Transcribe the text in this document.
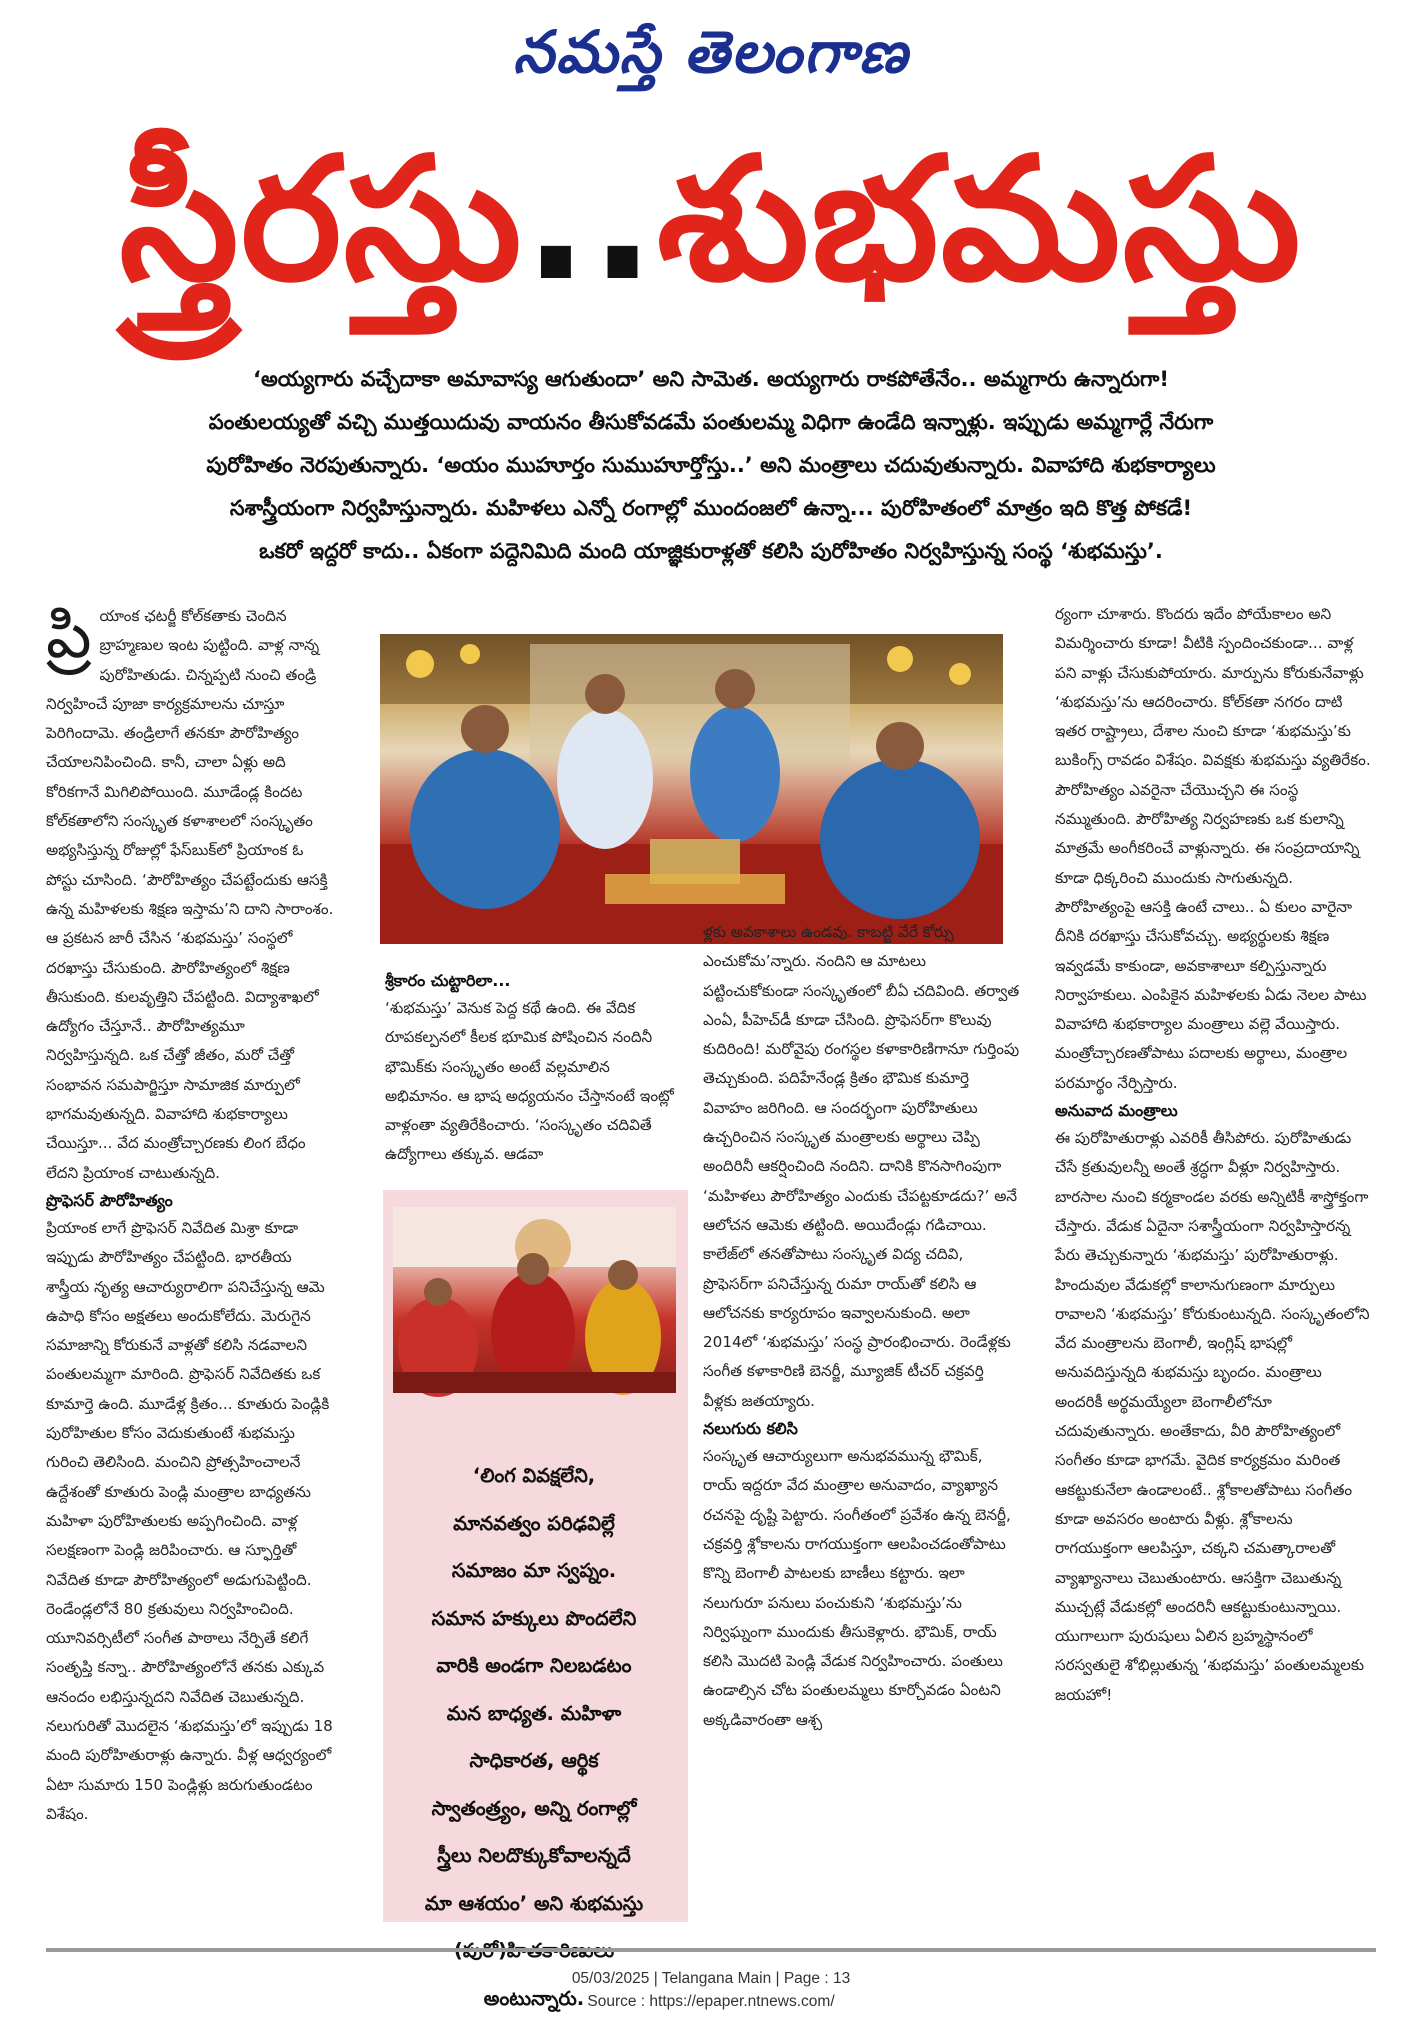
నమస్తే తెలంగాణ
స్త్రీరస్తు..శుభమస్తు

‘అయ్యగారు వచ్చేదాకా అమావాస్య ఆగుతుందా’ అని సామెత. అయ్యగారు రాకపోతేనేం.. అమ్మగారు ఉన్నారుగా!

పంతులయ్యతో వచ్చి ముత్తయిదువు వాయనం తీసుకోవడమే పంతులమ్మ విధిగా ఉండేది ఇన్నాళ్లు. ఇప్పుడు అమ్మగార్లే నేరుగా

పురోహితం నెరపుతున్నారు. ‘అయం ముహూర్తం సుముహూర్తోస్తు..’ అని మంత్రాలు చదువుతున్నారు. వివాహాది శుభకార్యాలు

సశాస్త్రీయంగా నిర్వహిస్తున్నారు. మహిళలు ఎన్నో రంగాల్లో ముందంజలో ఉన్నా... పురోహితంలో మాత్రం ఇది కొత్త పోకడే!

ఒకరో ఇద్దరో కాదు.. ఏకంగా పద్దెనిమిది మంది యాజ్ఞికురాళ్లతో కలిసి పురోహితం నిర్వహిస్తున్న సంస్థ ‘శుభమస్తు’.

ప్రి యాంక ఛటర్జీ కోల్‌కతాకు చెందిన బ్రాహ్మణుల ఇంట పుట్టింది. వాళ్ల నాన్న పురోహితుడు. చిన్నప్పటి నుంచి తండ్రి నిర్వహించే పూజా కార్యక్రమాలను చూస్తూ పెరిగిందామె. తండ్రిలాగే తనకూ పౌరోహిత్యం చేయాలనిపించింది. కానీ, చాలా ఏళ్లు అది కోరికగానే మిగిలిపోయింది. మూడేండ్ల కిందట కోల్‌కతాలోని సంస్కృత కళాశాలలో సంస్కృతం అభ్యసిస్తున్న రోజుల్లో ఫేస్‌బుక్‌లో ప్రియాంక ఓ పోస్టు చూసింది. ‘పౌరోహిత్యం చేపట్టేందుకు ఆసక్తి ఉన్న మహిళలకు శిక్షణ ఇస్తామ’ని దాని సారాంశం. ఆ ప్రకటన జారీ చేసిన ‘శుభమస్తు’ సంస్థలో దరఖాస్తు చేసుకుంది. పౌరోహిత్యంలో శిక్షణ తీసుకుంది. కులవృత్తిని చేపట్టింది. విద్యాశాఖలో ఉద్యోగం చేస్తూనే.. పౌరోహిత్యమూ నిర్వహిస్తున్నది. ఒక చేత్తో జీతం, మరో చేత్తో సంభావన సమపార్జిస్తూ సామాజిక మార్పులో భాగమవుతున్నది. వివాహాది శుభకార్యాలు చేయిస్తూ... వేద మంత్రోచ్చారణకు లింగ బేధం లేదని ప్రియాంక చాటుతున్నది.

ప్రొఫెసర్ పౌరోహిత్యం

ప్రియాంక లాగే ప్రొఫెసర్ నివేదిత మిశ్రా కూడా ఇప్పుడు పౌరోహిత్యం చేపట్టింది. భారతీయ శాస్త్రీయ నృత్య ఆచార్యురాలిగా పనిచేస్తున్న ఆమె ఉపాధి కోసం అక్షతలు అందుకోలేదు. మెరుగైన సమాజాన్ని కోరుకునే వాళ్లతో కలిసి నడవాలని పంతులమ్మగా మారింది. ప్రొఫెసర్ నివేదితకు ఒక కూమార్తె ఉంది. మూడేళ్ల క్రితం... కూతురు పెండ్లికి పురోహితుల కోసం వెదుకుతుంటే శుభమస్తు గురించి తెలిసింది. మంచిని ప్రోత్సహించాలనే ఉద్దేశంతో కూతురు పెండ్లి మంత్రాల బాధ్యతను మహిళా పురోహితులకు అప్పగించింది. వాళ్ల సలక్షణంగా పెండ్లి జరిపించారు. ఆ స్ఫూర్తితో నివేదిత కూడా పౌరోహిత్యంలో అడుగుపెట్టింది. రెండేండ్లలోనే 80 క్రతువులు నిర్వహించింది. యూనివర్సిటీలో సంగీత పాఠాలు నేర్పితే కలిగే సంతృప్తి కన్నా.. పౌరోహిత్యంలోనే తనకు ఎక్కువ ఆనందం లభిస్తున్నదని నివేదిత చెబుతున్నది. నలుగురితో మొదలైన ‘శుభమస్తు’లో ఇప్పుడు 18 మంది పురోహితురాళ్లు ఉన్నారు. వీళ్ల ఆధ్వర్యంలో ఏటా సుమారు 150 పెండ్లిళ్లు జరుగుతుండటం విశేషం.

శ్రీకారం చుట్టారిలా...

‘శుభమస్తు’ వెనుక పెద్ద కథే ఉంది. ఈ వేదిక రూపకల్పనలో కీలక భూమిక పోషించిన నందినీ భౌమిక్‌కు సంస్కృతం అంటే వల్లమాలిన అభిమానం. ఆ భాష అధ్యయనం చేస్తానంటే ఇంట్లో వాళ్లంతా వ్యతిరేకించారు. ‘సంస్కృతం చదివితే ఉద్యోగాలు తక్కువ. ఆడవా

‘లింగ వివక్షలేని,

మానవత్వం పరిఢవిల్లే

సమాజం మా స్వప్నం.

సమాన హక్కులు పొందలేని

వారికి అండగా నిలబడటం

మన బాధ్యత. మహిళా

సాధికారత, ఆర్థిక

స్వాతంత్ర్యం, అన్ని రంగాల్లో

స్త్రీలు నిలదొక్కుకోవాలన్నదే

మా ఆశయం’ అని శుభమస్తు

అంటున్నారు.

ళ్లకు అవకాశాలు ఉండవు. కాబట్టి వేరే కోర్సు ఎంచుకోమ’న్నారు. నందిని ఆ మాటలు పట్టించుకోకుండా సంస్కృతంలో బీఏ చదివింది. తర్వాత ఎంఏ, పీహెచ్‌డీ కూడా చేసింది. ప్రొఫెసర్‌గా కొలువు కుదిరింది! మరోవైపు రంగస్థల కళాకారిణిగానూ గుర్తింపు తెచ్చుకుంది. పదిహేనేండ్ల క్రితం భౌమిక కుమార్తె వివాహం జరిగింది. ఆ సందర్భంగా పురోహితులు ఉచ్చరించిన సంస్కృత మంత్రాలకు అర్థాలు చెప్పి అందిరినీ ఆకర్షించింది నందిని. దానికి కొనసాగింపుగా ‘మహిళలు పౌరోహిత్యం ఎందుకు చేపట్టకూడదు?’ అనే ఆలోచన ఆమెకు తట్టింది. అయిదేండ్లు గడిచాయి. కాలేజ్‌లో తనతోపాటు సంస్కృత విద్య చదివి, ప్రొఫెసర్‌గా పనిచేస్తున్న రుమా రాయ్‌తో కలిసి ఆ ఆలోచనకు కార్యరూపం ఇవ్వాలనుకుంది. అలా 2014లో ‘శుభమస్తు’ సంస్థ ప్రారంభించారు. రెండేళ్లకు సంగీత కళాకారిణి బెనర్జీ, మ్యూజిక్ టీచర్ చక్రవర్తి వీళ్లకు జతయ్యారు.

నలుగురు కలిసి

సంస్కృత ఆచార్యులుగా అనుభవమున్న భౌమిక్, రాయ్ ఇద్దరూ వేద మంత్రాల అనువాదం, వ్యాఖ్యాన రచనపై దృష్టి పెట్టారు. సంగీతంలో ప్రవేశం ఉన్న బెనర్జీ, చక్రవర్తి శ్లోకాలను రాగయుక్తంగా ఆలపించడంతోపాటు కొన్ని బెంగాలీ పాటలకు బాణీలు కట్టారు. ఇలా నలుగురూ పనులు పంచుకుని ‘శుభమస్తు’ను నిర్విఘ్నంగా ముందుకు తీసుకెళ్లారు. భౌమిక్, రాయ్ కలిసి మొదటి పెండ్లి వేడుక నిర్వహించారు. పంతులు ఉండాల్సిన చోట పంతులమ్మలు కూర్చోవడం ఏంటని అక్కడివారంతా ఆశ్చ

ర్యంగా చూశారు. కొందరు ఇదేం పోయేకాలం అని విమర్శించారు కూడా! వీటికి స్పందించకుండా... వాళ్ల పని వాళ్లు చేసుకుపోయారు. మార్పును కోరుకునేవాళ్లు ‘శుభమస్తు’ను ఆదరించారు. కోల్‌కతా నగరం దాటి ఇతర రాష్ట్రాలు, దేశాల నుంచి కూడా ‘శుభమస్తు’కు బుకింగ్స్ రావడం విశేషం. వివక్షకు శుభమస్తు వ్యతిరేకం. పౌరోహిత్యం ఎవరైనా చేయొచ్చని ఈ సంస్థ నమ్ముతుంది. పౌరోహిత్య నిర్వహణకు ఒక కులాన్ని మాత్రమే అంగీకరించే వాళ్లున్నారు. ఈ సంప్రదాయాన్ని కూడా ధిక్కరించి ముందుకు సాగుతున్నది. పౌరోహిత్యంపై ఆసక్తి ఉంటే చాలు.. ఏ కులం వారైనా దీనికి దరఖాస్తు చేసుకోవచ్చు. అభ్యర్థులకు శిక్షణ ఇవ్వడమే కాకుండా, అవకాశాలూ కల్పిస్తున్నారు నిర్వాహకులు. ఎంపికైన మహిళలకు ఏడు నెలల పాటు వివాహాది శుభకార్యాల మంత్రాలు వల్లె వేయిస్తారు. మంత్రోచ్చారణతోపాటు పదాలకు అర్థాలు, మంత్రాల పరమార్థం నేర్పిస్తారు.

అనువాద మంత్రాలు

ఈ పురోహితురాళ్లు ఎవరికీ తీసిపోరు. పురోహితుడు చేసే క్రతువులన్నీ అంతే శ్రద్ధగా వీళ్లూ నిర్వహిస్తారు. బారసాల నుంచి కర్మకాండల వరకు అన్నిటికీ శాస్త్రోక్తంగా చేస్తారు. వేడుక ఏదైనా సశాస్త్రీయంగా నిర్వహిస్తారన్న పేరు తెచ్చుకున్నారు ‘శుభమస్తు’ పురోహితురాళ్లు. హిందువుల వేడుకల్లో కాలానుగుణంగా మార్పులు రావాలని ‘శుభమస్తు’ కోరుకుంటున్నది. సంస్కృతంలోని వేద మంత్రాలను బెంగాలీ, ఇంగ్లిష్ భాషల్లో అనువదిస్తున్నది శుభమస్తు బృందం. మంత్రాలు అందరికీ అర్థమయ్యేలా బెంగాలీలోనూ చదువుతున్నారు. అంతేకాదు, వీరి పౌరోహిత్యంలో సంగీతం కూడా భాగమే. వైదిక కార్యక్రమం మరింత ఆకట్టుకునేలా ఉండాలంటే.. శ్లోకాలతోపాటు సంగీతం కూడా అవసరం అంటారు వీళ్లు. శ్లోకాలను రాగయుక్తంగా ఆలపిస్తూ, చక్కని చమత్కారాలతో వ్యాఖ్యానాలు చెబుతుంటారు. ఆసక్తిగా చెబుతున్న ముచ్చట్లే వేడుకల్లో అందరినీ ఆకట్టుకుంటున్నాయి. యుగాలుగా పురుషులు ఏలిన బ్రహ్మస్థానంలో సరస్వతులై శోభిల్లుతున్న ‘శుభమస్తు’ పంతులమ్మలకు జయహో!

05/03/2025 | Telangana Main | Page : 13
Source : https://epaper.ntnews.com/
